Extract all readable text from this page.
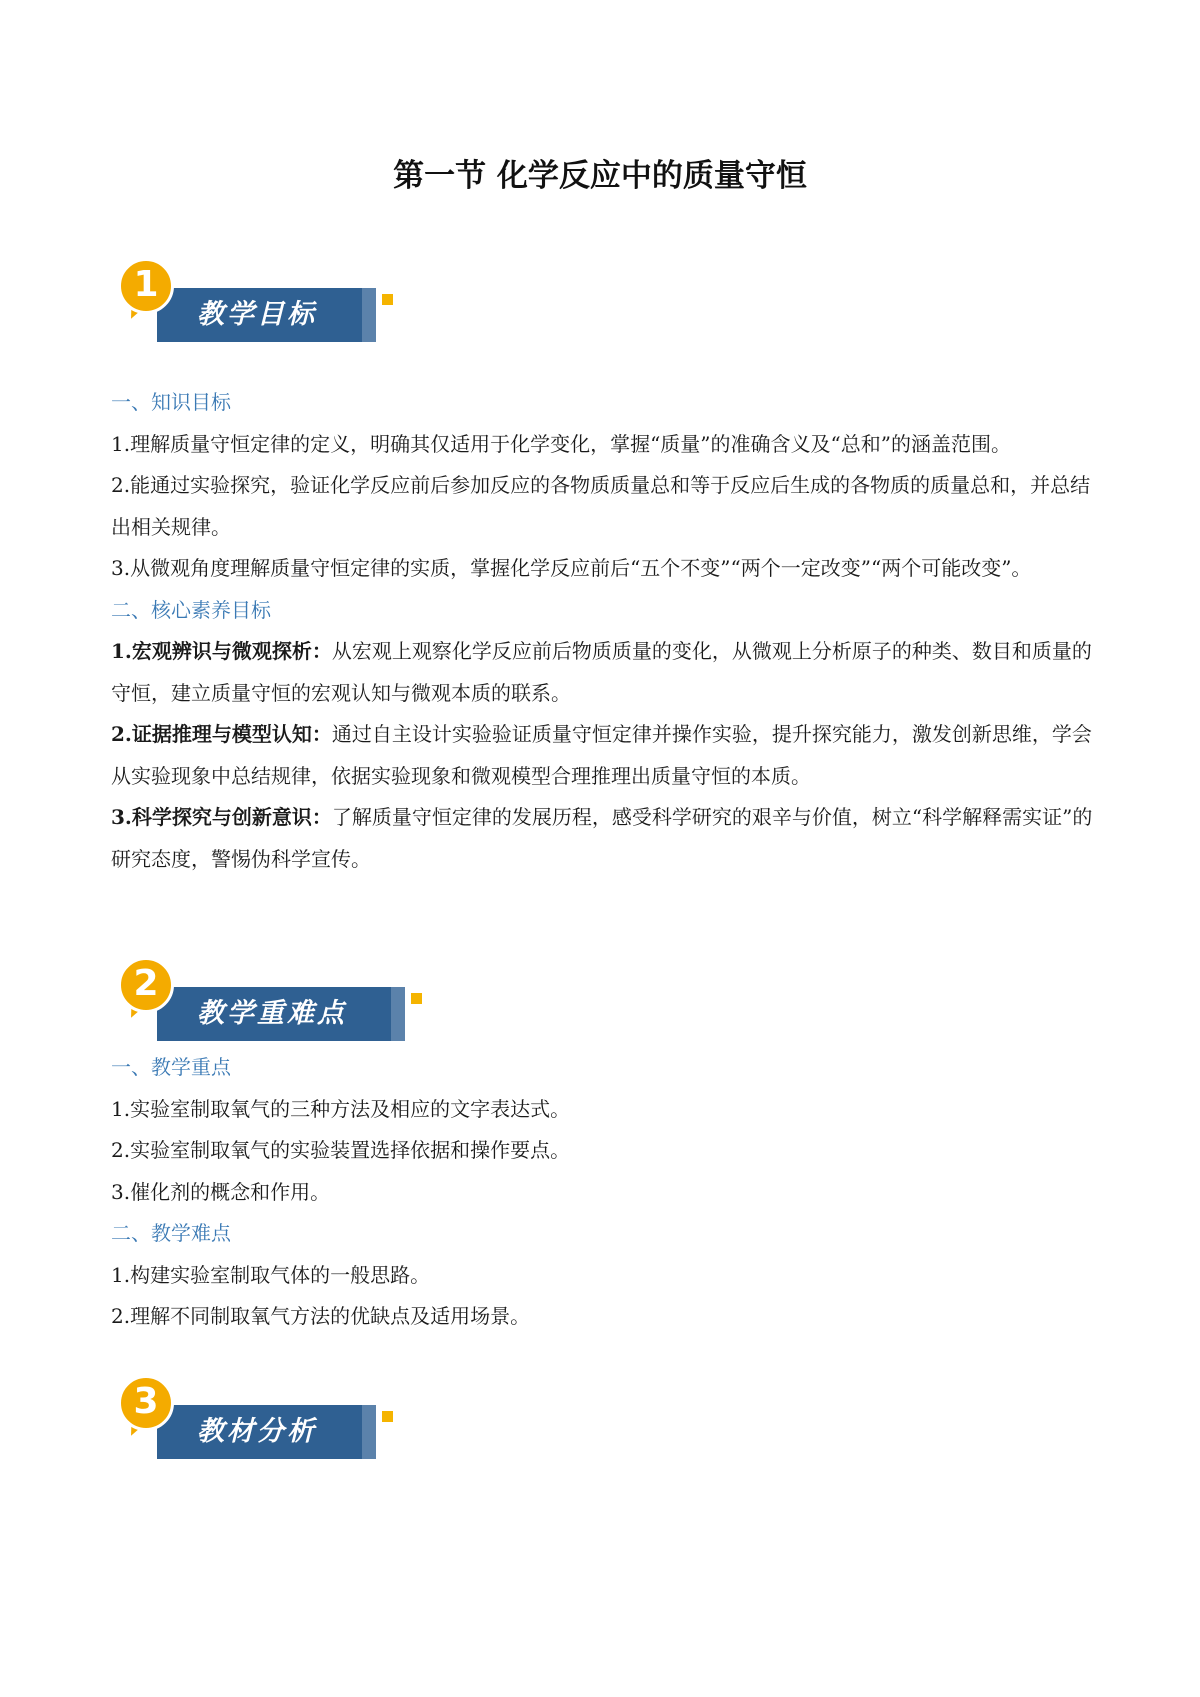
第一节 化学反应中的质量守恒
教学目标
1

一、知识目标

1.理解质量守恒定律的定义，明确其仅适用于化学变化，掌握“质量”的准确含义及“总和”的涵盖范围。

2.能通过实验探究，验证化学反应前后参加反应的各物质质量总和等于反应后生成的各物质的质量总和，并总结出相关规律。

3.从微观角度理解质量守恒定律的实质，掌握化学反应前后“五个不变”“两个一定改变”“两个可能改变”。

二、核心素养目标

1.宏观辨识与微观探析：从宏观上观察化学反应前后物质质量的变化，从微观上分析原子的种类、数目和质量的守恒，建立质量守恒的宏观认知与微观本质的联系。

2.证据推理与模型认知：通过自主设计实验验证质量守恒定律并操作实验，提升探究能力，激发创新思维，学会从实验现象中总结规律，依据实验现象和微观模型合理推理出质量守恒的本质。

3.科学探究与创新意识：了解质量守恒定律的发展历程，感受科学研究的艰辛与价值，树立“科学解释需实证”的研究态度，警惕伪科学宣传。

教学重难点
2

一、教学重点

1.实验室制取氧气的三种方法及相应的文字表达式。

2.实验室制取氧气的实验装置选择依据和操作要点。

3.催化剂的概念和作用。

二、教学难点

1.构建实验室制取气体的一般思路。

2.理解不同制取氧气方法的优缺点及适用场景。

教材分析
3
